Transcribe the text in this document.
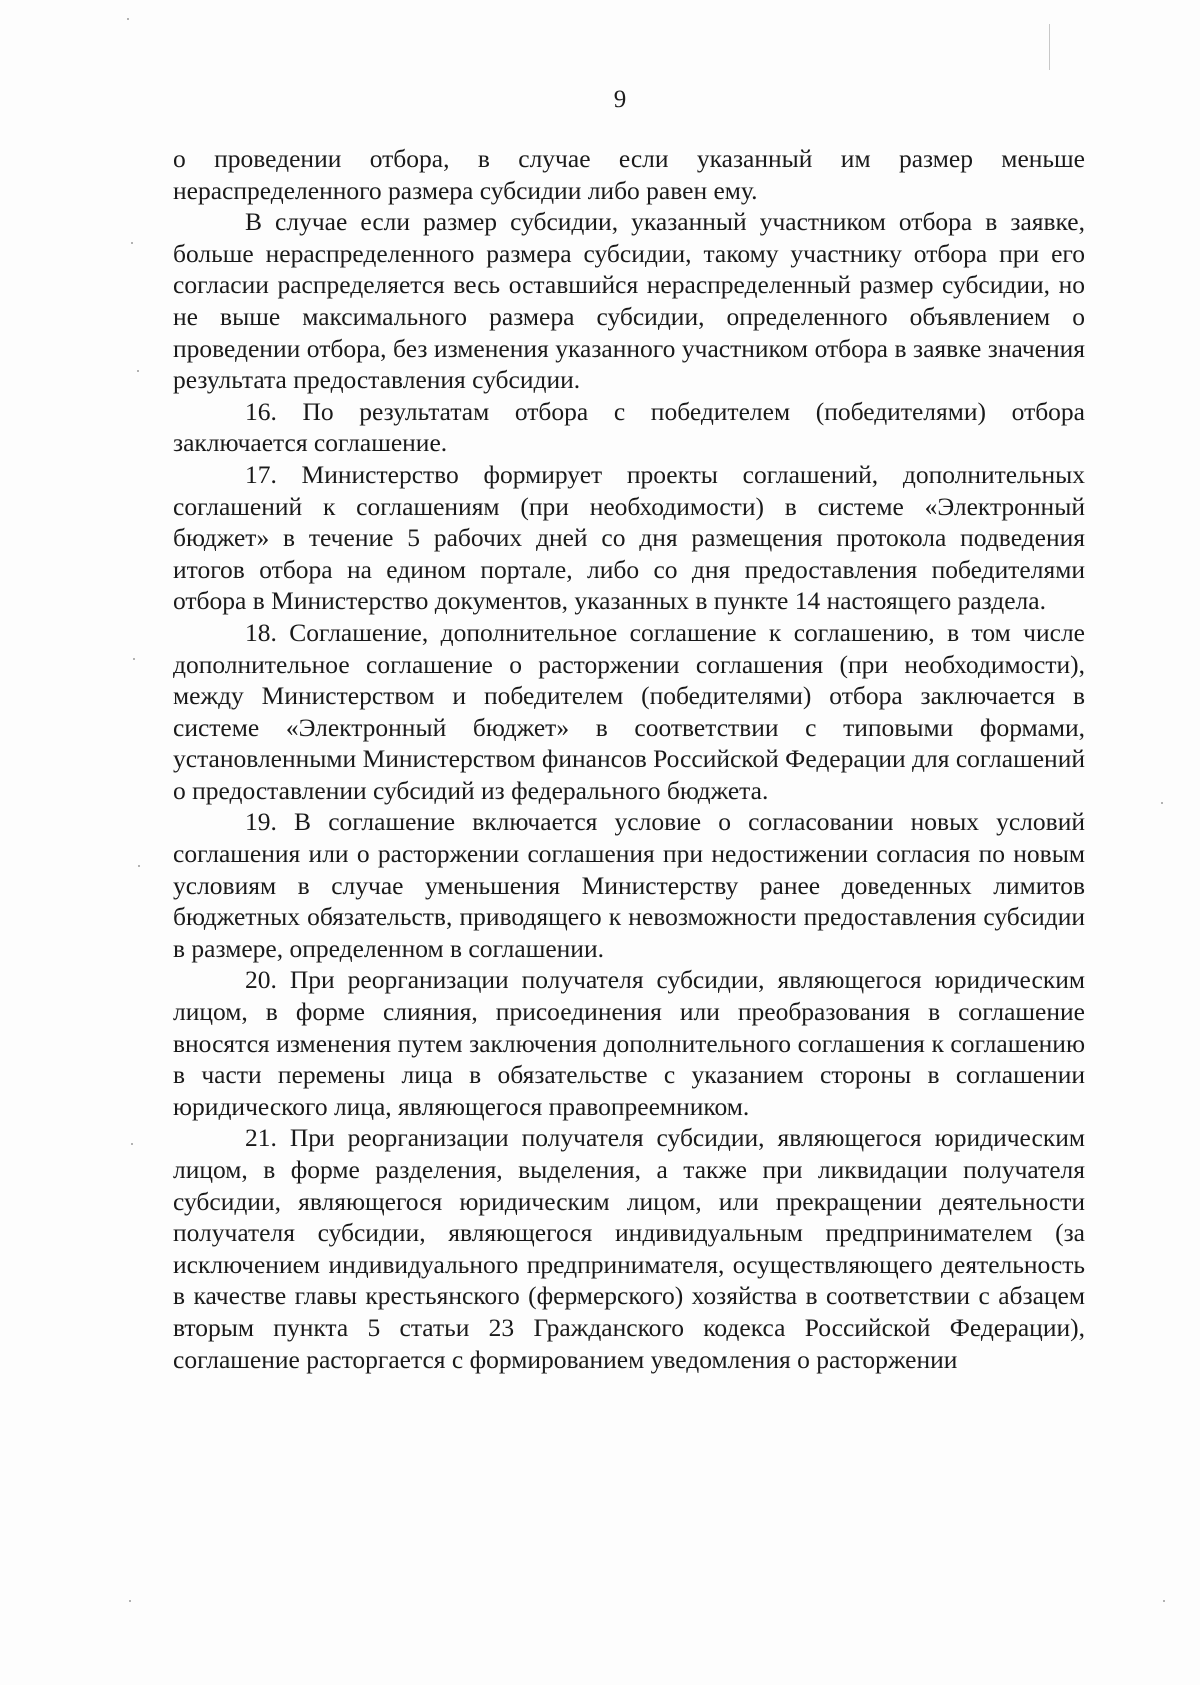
9

о проведении отбора, в случае если указанный им размер меньше нераспределенного размера субсидии либо равен ему.

В случае если размер субсидии, указанный участником отбора в заявке, больше нераспределенного размера субсидии, такому участнику отбора при его согласии распределяется весь оставшийся нераспределенный размер субсидии, но не выше максимального размера субсидии, определенного объявлением о проведении отбора, без изменения указанного участником отбора в заявке значения результата предоставления субсидии.

16. По результатам отбора с победителем (победителями) отбора заключается соглашение.

17. Министерство формирует проекты соглашений, дополнительных соглашений к соглашениям (при необходимости) в системе «Электронный бюджет» в течение 5 рабочих дней со дня размещения протокола подведения итогов отбора на едином портале, либо со дня предоставления победителями отбора в Министерство документов, указанных в пункте 14 настоящего раздела.

18. Соглашение, дополнительное соглашение к соглашению, в том числе дополнительное соглашение о расторжении соглашения (при необходимости), между Министерством и победителем (победителями) отбора заключается в системе «Электронный бюджет» в соответствии с типовыми формами, установленными Министерством финансов Российской Федерации для соглашений о предоставлении субсидий из федерального бюджета.

19. В соглашение включается условие о согласовании новых условий соглашения или о расторжении соглашения при недостижении согласия по новым условиям в случае уменьшения Министерству ранее доведенных лимитов бюджетных обязательств, приводящего к невозможности предоставления субсидии в размере, определенном в соглашении.

20. При реорганизации получателя субсидии, являющегося юридическим лицом, в форме слияния, присоединения или преобразования в соглашение вносятся изменения путем заключения дополнительного соглашения к соглашению в части перемены лица в обязательстве с указанием стороны в соглашении юридического лица, являющегося правопреемником.

21. При реорганизации получателя субсидии, являющегося юридическим лицом, в форме разделения, выделения, а также при ликвидации получателя субсидии, являющегося юридическим лицом, или прекращении деятельности получателя субсидии, являющегося индивидуальным предпринимателем (за исключением индивидуального предпринимателя, осуществляющего деятельность в качестве главы крестьянского (фермерского) хозяйства в соответствии с абзацем вторым пункта 5 статьи 23 Гражданского кодекса Российской Федерации), соглашение расторгается с формированием уведомления о расторжении
